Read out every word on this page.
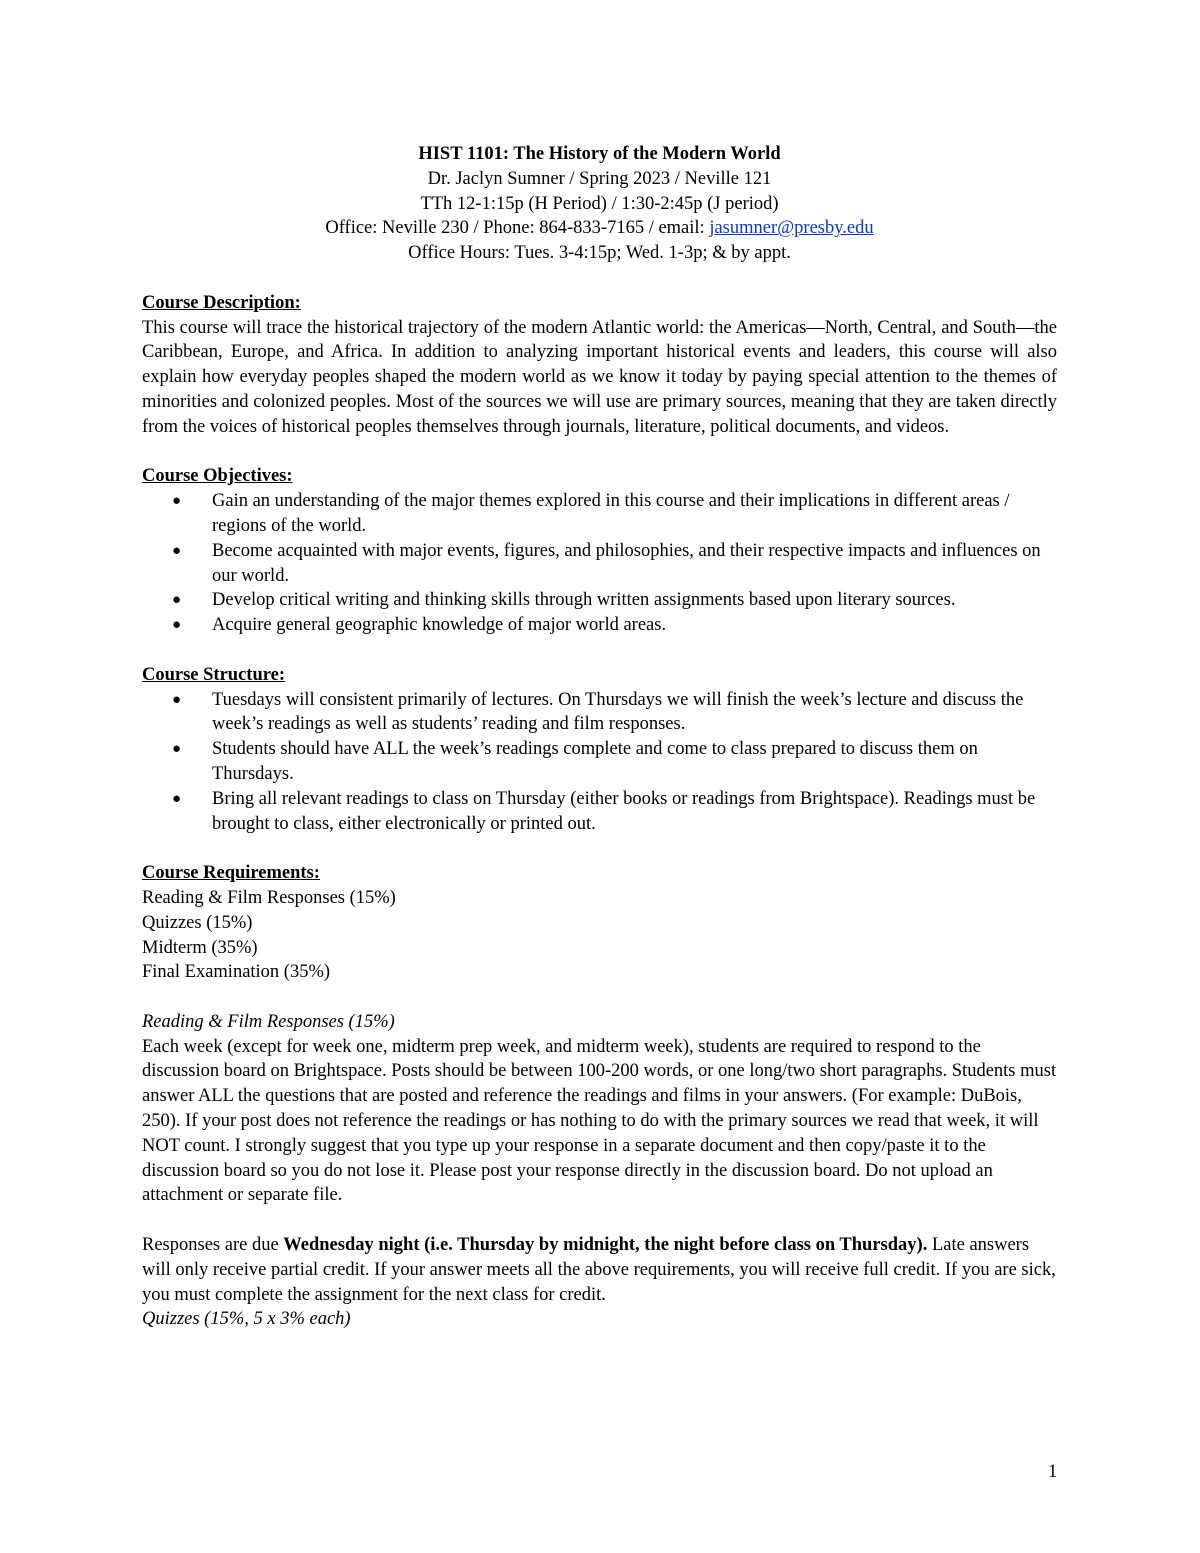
HIST 1101: The History of the Modern World
Dr. Jaclyn Sumner / Spring 2023 / Neville 121
TTh 12-1:15p (H Period) / 1:30-2:45p (J period)
Office: Neville 230 / Phone: 864-833-7165 / email: jasumner@presby.edu
Office Hours: Tues. 3-4:15p; Wed. 1-3p; & by appt.
Course Description:

This course will trace the historical trajectory of the modern Atlantic world: the Americas—North, Central, and South—the Caribbean, Europe, and Africa. In addition to analyzing important historical events and leaders, this course will also explain how everyday peoples shaped the modern world as we know it today by paying special attention to the themes of minorities and colonized peoples. Most of the sources we will use are primary sources, meaning that they are taken directly from the voices of historical peoples themselves through journals, literature, political documents, and videos.

Course Objectives:
● Gain an understanding of the major themes explored in this course and their implications in different areas / regions of the world.
● Become acquainted with major events, figures, and philosophies, and their respective impacts and influences on our world.
● Develop critical writing and thinking skills through written assignments based upon literary sources.
● Acquire general geographic knowledge of major world areas.
Course Structure:
● Tuesdays will consistent primarily of lectures. On Thursdays we will finish the week’s lecture and discuss the week’s readings as well as students’ reading and film responses.
● Students should have ALL the week’s readings complete and come to class prepared to discuss them on Thursdays.
● Bring all relevant readings to class on Thursday (either books or readings from Brightspace). Readings must be brought to class, either electronically or printed out.
Course Requirements:
Reading & Film Responses (15%)
Quizzes (15%)
Midterm (35%)
Final Examination (35%)
Reading & Film Responses (15%)

Each week (except for week one, midterm prep week, and midterm week), students are required to respond to the discussion board on Brightspace. Posts should be between 100-200 words, or one long/two short paragraphs. Students must answer ALL the questions that are posted and reference the readings and films in your answers. (For example: DuBois, 250). If your post does not reference the readings or has nothing to do with the primary sources we read that week, it will NOT count. I strongly suggest that you type up your response in a separate document and then copy/paste it to the discussion board so you do not lose it. Please post your response directly in the discussion board. Do not upload an attachment or separate file.

Responses are due Wednesday night (i.e. Thursday by midnight, the night before class on Thursday). Late answers will only receive partial credit. If your answer meets all the above requirements, you will receive full credit. If you are sick, you must complete the assignment for the next class for credit.

Quizzes (15%, 5 x 3% each)
1
